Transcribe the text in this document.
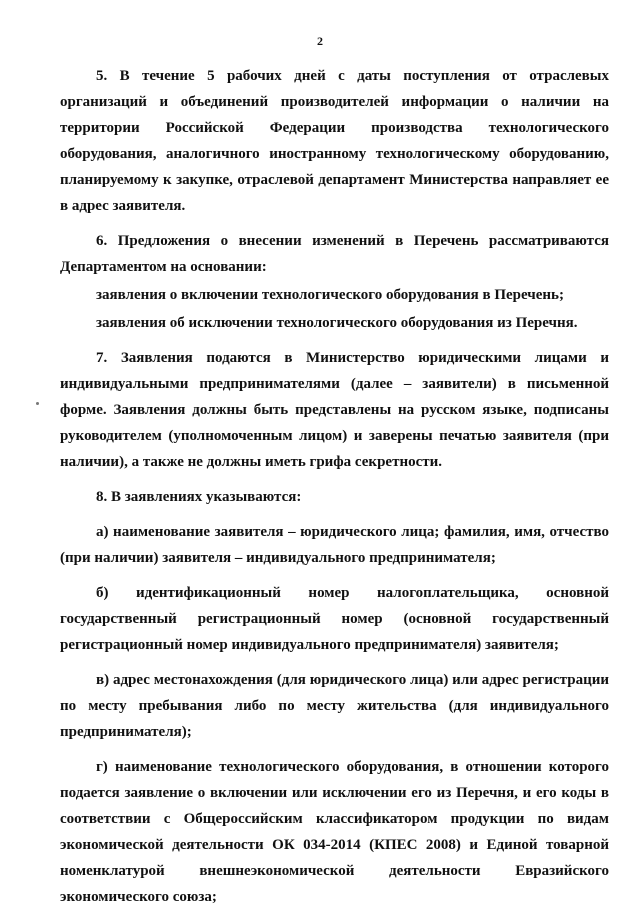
2

5. В течение 5 рабочих дней с даты поступления от отраслевых организаций и объединений производителей информации о наличии на территории Российской Федерации производства технологического оборудования, аналогичного иностранному технологическому оборудованию, планируемому к закупке, отраслевой департамент Министерства направляет ее в адрес заявителя.

6. Предложения о внесении изменений в Перечень рассматриваются Департаментом на основании:

заявления о включении технологического оборудования в Перечень;

заявления об исключении технологического оборудования из Перечня.

7. Заявления подаются в Министерство юридическими лицами и индивидуальными предпринимателями (далее – заявители) в письменной форме. Заявления должны быть представлены на русском языке, подписаны руководителем (уполномоченным лицом) и заверены печатью заявителя (при наличии), а также не должны иметь грифа секретности.

8. В заявлениях указываются:

а) наименование заявителя – юридического лица; фамилия, имя, отчество (при наличии) заявителя – индивидуального предпринимателя;

б) идентификационный номер налогоплательщика, основной государственный регистрационный номер (основной государственный регистрационный номер индивидуального предпринимателя) заявителя;

в) адрес местонахождения (для юридического лица) или адрес регистрации по месту пребывания либо по месту жительства (для индивидуального предпринимателя);

г) наименование технологического оборудования, в отношении которого подается заявление о включении или исключении его из Перечня, и его коды в соответствии с Общероссийским классификатором продукции по видам экономической деятельности ОК 034-2014 (КПЕС 2008) и Единой товарной номенклатурой внешнеэкономической деятельности Евразийского экономического союза;
